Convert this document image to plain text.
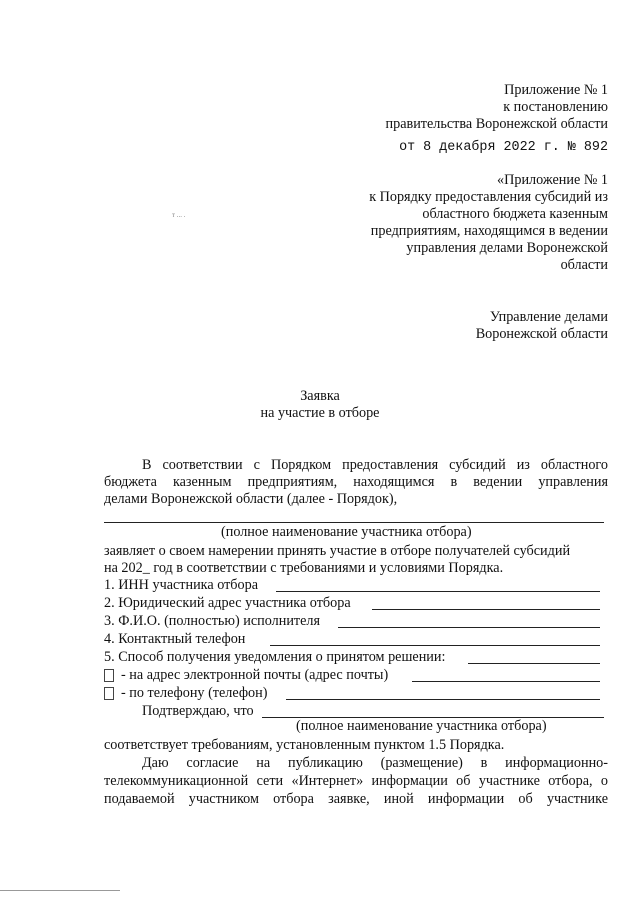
Приложение № 1
к постановлению
правительства Воронежской области
от 8 декабря 2022 г. № 892
«Приложение № 1
к Порядку предоставления субсидий из
областного бюджета казенным
предприятиям, находящимся в ведении
управления делами Воронежской
области
т ... .
Управление делами
Воронежской области
Заявка
на участие в отборе
В соответствии с Порядком предоставления субсидий из областного
бюджета казенным предприятиям, находящимся в ведении управления
делами Воронежской области (далее - Порядок),
(полное наименование участника отбора)
заявляет о своем намерении принять участие в отборе получателей субсидий
на 202_ год в соответствии с требованиями и условиями Порядка.
1. ИНН участника отбора
2. Юридический адрес участника отбора
3. Ф.И.О. (полностью) исполнителя
4. Контактный телефон
5. Способ получения уведомления о принятом решении:
- на адрес электронной почты (адрес почты)
- по телефону (телефон)
Подтверждаю, что
(полное наименование участника отбора)
соответствует требованиям, установленным пунктом 1.5 Порядка.
Даю согласие на публикацию (размещение) в информационно-
телекоммуникационной сети «Интернет» информации об участнике отбора, о
подаваемой участником отбора заявке, иной информации об участнике
